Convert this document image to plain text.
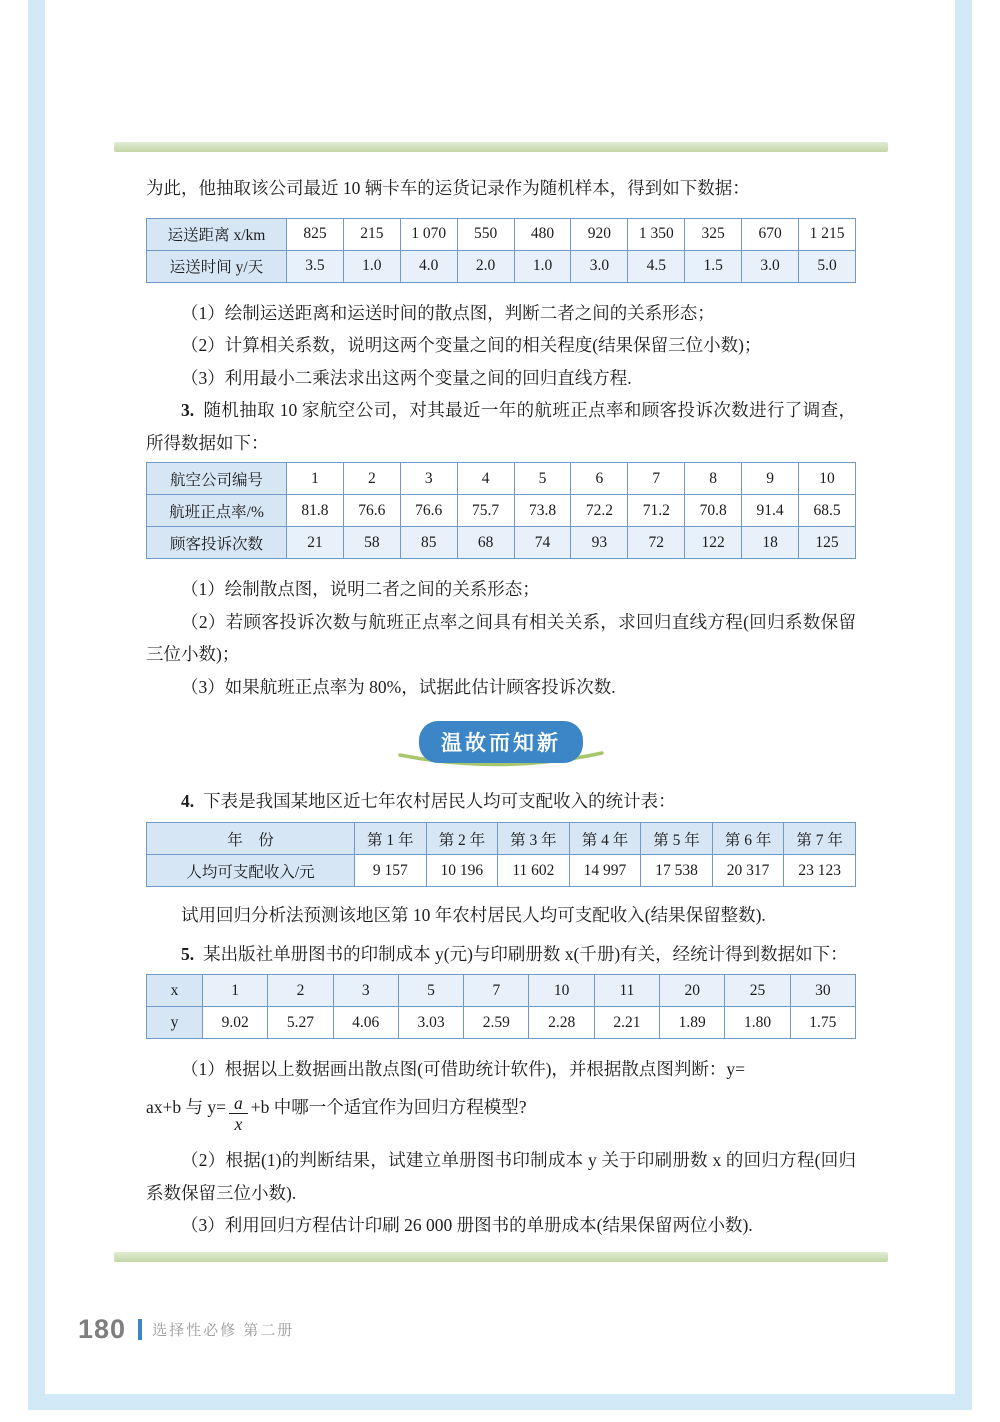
为此，他抽取该公司最近 10 辆卡车的运货记录作为随机样本，得到如下数据：

运送距离 x/km	825	215	1 070	550	480	920	1 350	325	670	1 215
运送时间 y/天	3.5	1.0	4.0	2.0	1.0	3.0	4.5	1.5	3.0	5.0

（1）绘制运送距离和运送时间的散点图，判断二者之间的关系形态；

（2）计算相关系数，说明这两个变量之间的相关程度(结果保留三位小数)；

（3）利用最小二乘法求出这两个变量之间的回归直线方程.

3. 随机抽取 10 家航空公司，对其最近一年的航班正点率和顾客投诉次数进行了调查，所得数据如下：

航空公司编号	1	2	3	4	5	6	7	8	9	10
航班正点率/%	81.8	76.6	76.6	75.7	73.8	72.2	71.2	70.8	91.4	68.5
顾客投诉次数	21	58	85	68	74	93	72	122	18	125

（1）绘制散点图，说明二者之间的关系形态；

（2）若顾客投诉次数与航班正点率之间具有相关关系，求回归直线方程(回归系数保留三位小数)；

（3）如果航班正点率为 80%，试据此估计顾客投诉次数.

温故而知新

4. 下表是我国某地区近七年农村居民人均可支配收入的统计表：

年　份	第 1 年	第 2 年	第 3 年	第 4 年	第 5 年	第 6 年	第 7 年
人均可支配收入/元	9 157	10 196	11 602	14 997	17 538	20 317	23 123

试用回归分析法预测该地区第 10 年农村居民人均可支配收入(结果保留整数).

5. 某出版社单册图书的印制成本 y(元)与印刷册数 x(千册)有关，经统计得到数据如下：

x	1	2	3	5	7	10	11	20	25	30
y	9.02	5.27	4.06	3.03	2.59	2.28	2.21	1.89	1.80	1.75

（1）根据以上数据画出散点图(可借助统计软件)，并根据散点图判断：y=

ax+b 与 $y= \frac{a}{x} +b$ 中哪一个适宜作为回归方程模型?

（2）根据(1)的判断结果，试建立单册图书印制成本 y 关于印刷册数 x 的回归方程(回归系数保留三位小数).

（3）利用回归方程估计印刷 26 000 册图书的单册成本(结果保留两位小数).

180 选择性必修 第二册
